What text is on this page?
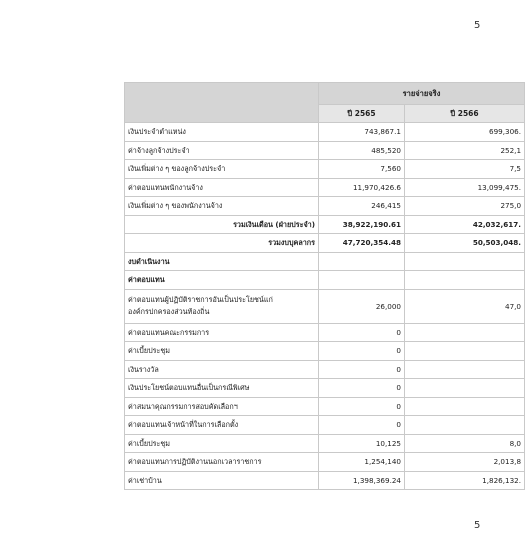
5
	รายจ่ายจริง	
	ปี 2565	ปี 2566
เงินประจำตำแหน่ง	743,867.1	699,306.
ค่าจ้างลูกจ้างประจำ	485,520	252,1
เงินเพิ่มต่าง ๆ ของลูกจ้างประจำ	7,560	7,5
ค่าตอบแทนพนักงานจ้าง	11,970,426.6	13,099,475.
เงินเพิ่มต่าง ๆ ของพนักงานจ้าง	246,415	275,0
รวมเงินเดือน (ฝ่ายประจำ)	38,922,190.61	42,032,617.
รวมงบบุคลากร	47,720,354.48	50,503,048.
งบดำเนินงาน		
ค่าตอบแทน		
ค่าตอบแทนผู้ปฏิบัติราชการอันเป็นประโยชน์แก่
องค์กรปกครองส่วนท้องถิ่น	26,000	47,0
ค่าตอบแทนคณะกรรมการ	0	
ค่าเบี้ยประชุม	0	
เงินรางวัล	0	
เงินประโยชน์ตอบแทนอื่นเป็นกรณีพิเศษ	0	
ค่าสมนาคุณกรรมการสอบคัดเลือกฯ	0	
ค่าตอบแทนเจ้าหน้าที่ในการเลือกตั้ง	0	
ค่าเบี้ยประชุม	10,125	8,0
ค่าตอบแทนการปฏิบัติงานนอกเวลาราชการ	1,254,140	2,013,8
ค่าเช่าบ้าน	1,398,369.24	1,826,132.
5
